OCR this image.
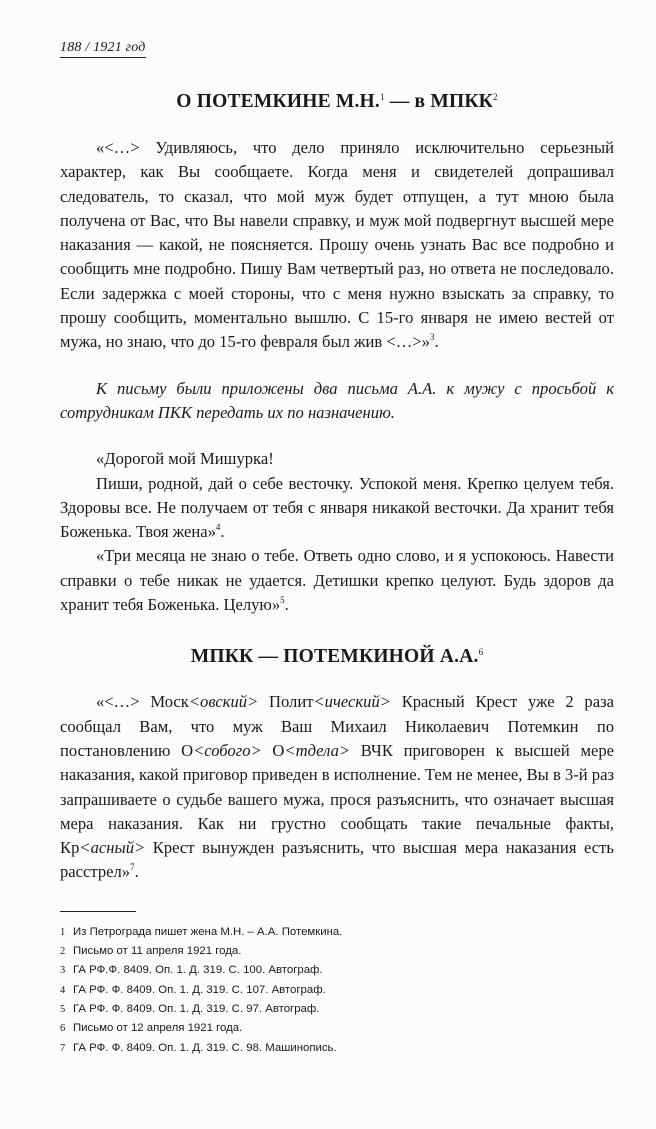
188 / 1921 год
О ПОТЕМКИНЕ М.Н.$^1$ — в МПКК$^2$

«<…> Удивляюсь, что дело приняло исключительно серьезный характер, как Вы сообщаете. Когда меня и свидетелей допрашивал следователь, то сказал, что мой муж будет отпущен, а тут мною была получена от Вас, что Вы навели справку, и муж мой подвергнут высшей мере наказания — какой, не поясняется. Прошу очень узнать Вас все подробно и сообщить мне подробно. Пишу Вам четвертый раз, но ответа не последовало. Если задержка с моей стороны, что с меня нужно взыскать за справку, то прошу сообщить, моментально вышлю. С 15-го января не имею вестей от мужа, но знаю, что до 15-го февраля был жив <…>»$^3$.

К письму были приложены два письма А.А. к мужу с просьбой к сотрудникам ПКК передать их по назначению.

«Дорогой мой Мишурка!

Пиши, родной, дай о себе весточку. Успокой меня. Крепко целуем тебя. Здоровы все. Не получаем от тебя с января никакой весточки. Да хранит тебя Боженька. Твоя жена»$^4$.

«Три месяца не знаю о тебе. Ответь одно слово, и я успокоюсь. Навести справки о тебе никак не удается. Детишки крепко целуют. Будь здоров да хранит тебя Боженька. Целую»$^5$.

МПКК — ПОТЕМКИНОЙ А.А.$^6$

«<…> Моск<овский> Полит<ический> Красный Крест уже 2 раза сообщал Вам, что муж Ваш Михаил Николаевич Потемкин по постановлению О<собого> О<тдела> ВЧК приговорен к высшей мере наказания, какой приговор приведен в исполнение. Тем не менее, Вы в 3-й раз запрашиваете о судьбе вашего мужа, прося разъяснить, что означает высшая мера наказания. Как ни грустно сообщать такие печальные факты, Кр<асный> Крест вынужден разъяснить, что высшая мера наказания есть расстрел»$^7$.

1 Из Петрограда пишет жена М.Н. – А.А. Потемкина.
2 Письмо от 11 апреля 1921 года.
3 ГА РФ.Ф. 8409. Оп. 1. Д. 319. С. 100. Автограф.
4 ГА РФ. Ф. 8409. Оп. 1. Д. 319. С. 107. Автограф.
5 ГА РФ. Ф. 8409. Оп. 1. Д. 319. С. 97. Автограф.
6 Письмо от 12 апреля 1921 года.
7 ГА РФ. Ф. 8409. Оп. 1. Д. 319. С. 98. Машинопись.
